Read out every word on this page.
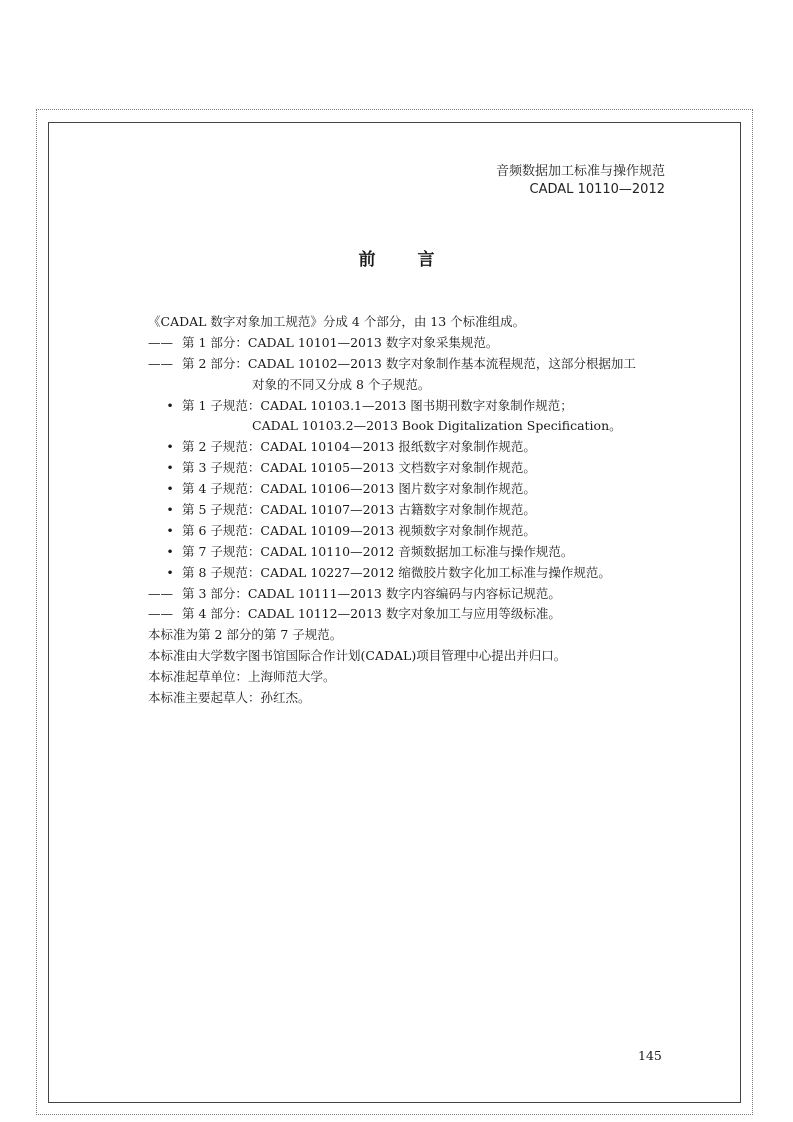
音频数据加工标准与操作规范
CADAL 10110—2012
前言
《CADAL 数字对象加工规范》分成 4 个部分，由 13 个标准组成。
—— 第 1 部分：CADAL 10101—2013 数字对象采集规范。
—— 第 2 部分：CADAL 10102—2013 数字对象制作基本流程规范，这部分根据加工
对象的不同又分成 8 个子规范。
• 第 1 子规范：CADAL 10103.1—2013 图书期刊数字对象制作规范；
CADAL 10103.2—2013 Book Digitalization Specification。
• 第 2 子规范：CADAL 10104—2013 报纸数字对象制作规范。
• 第 3 子规范：CADAL 10105—2013 文档数字对象制作规范。
• 第 4 子规范：CADAL 10106—2013 图片数字对象制作规范。
• 第 5 子规范：CADAL 10107—2013 古籍数字对象制作规范。
• 第 6 子规范：CADAL 10109—2013 视频数字对象制作规范。
• 第 7 子规范：CADAL 10110—2012 音频数据加工标准与操作规范。
• 第 8 子规范：CADAL 10227—2012 缩微胶片数字化加工标准与操作规范。
—— 第 3 部分：CADAL 10111—2013 数字内容编码与内容标记规范。
—— 第 4 部分：CADAL 10112—2013 数字对象加工与应用等级标准。
本标准为第 2 部分的第 7 子规范。
本标准由大学数字图书馆国际合作计划(CADAL)项目管理中心提出并归口。
本标准起草单位：上海师范大学。
本标准主要起草人：孙红杰。
145
